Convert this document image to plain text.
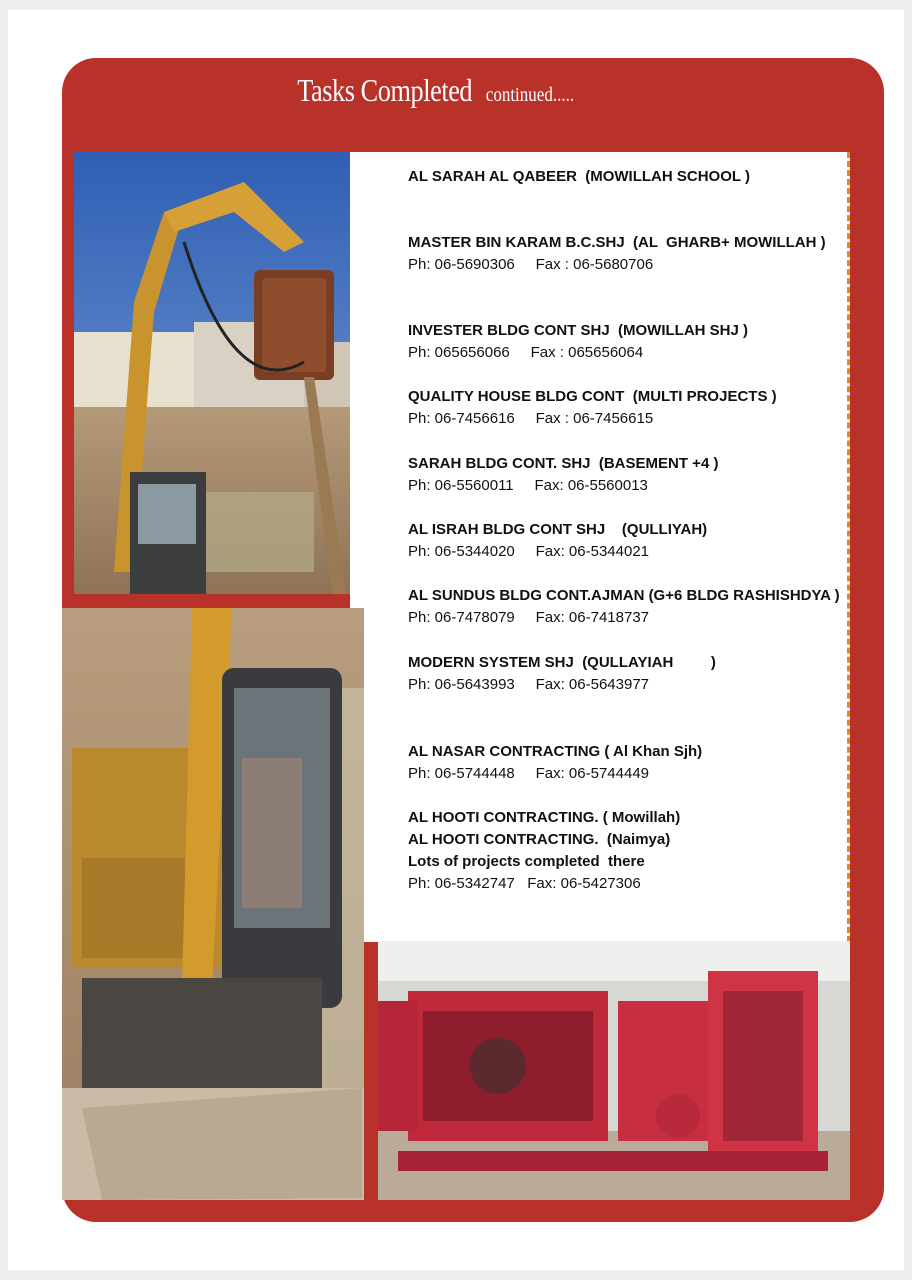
Tasks Completed continued.....
AL SARAH AL QABEER  (MOWILLAH SCHOOL )
MASTER BIN KARAM B.C.SHJ  (AL  GHARB+ MOWILLAH )
Ph: 06-5690306     Fax : 06-5680706
INVESTER BLDG CONT SHJ  (MOWILLAH SHJ )
Ph: 065656066     Fax : 065656064
QUALITY HOUSE BLDG CONT  (MULTI PROJECTS )
Ph: 06-7456616     Fax : 06-7456615
SARAH BLDG CONT. SHJ  (BASEMENT +4 )
Ph: 06-5560011     Fax: 06-5560013
AL ISRAH BLDG CONT SHJ    (QULLIYAH)
Ph: 06-5344020     Fax: 06-5344021
AL SUNDUS BLDG CONT.AJMAN (G+6 BLDG RASHISHDYA )
Ph: 06-7478079     Fax: 06-7418737
MODERN SYSTEM SHJ  (QULLAYIAH         )
Ph: 06-5643993     Fax: 06-5643977
AL NASAR CONTRACTING ( Al Khan Sjh)
Ph: 06-5744448     Fax: 06-5744449
AL HOOTI CONTRACTING. ( Mowillah)
AL HOOTI CONTRACTING.  (Naimya)
Lots of projects completed  there
Ph: 06-5342747   Fax: 06-5427306
